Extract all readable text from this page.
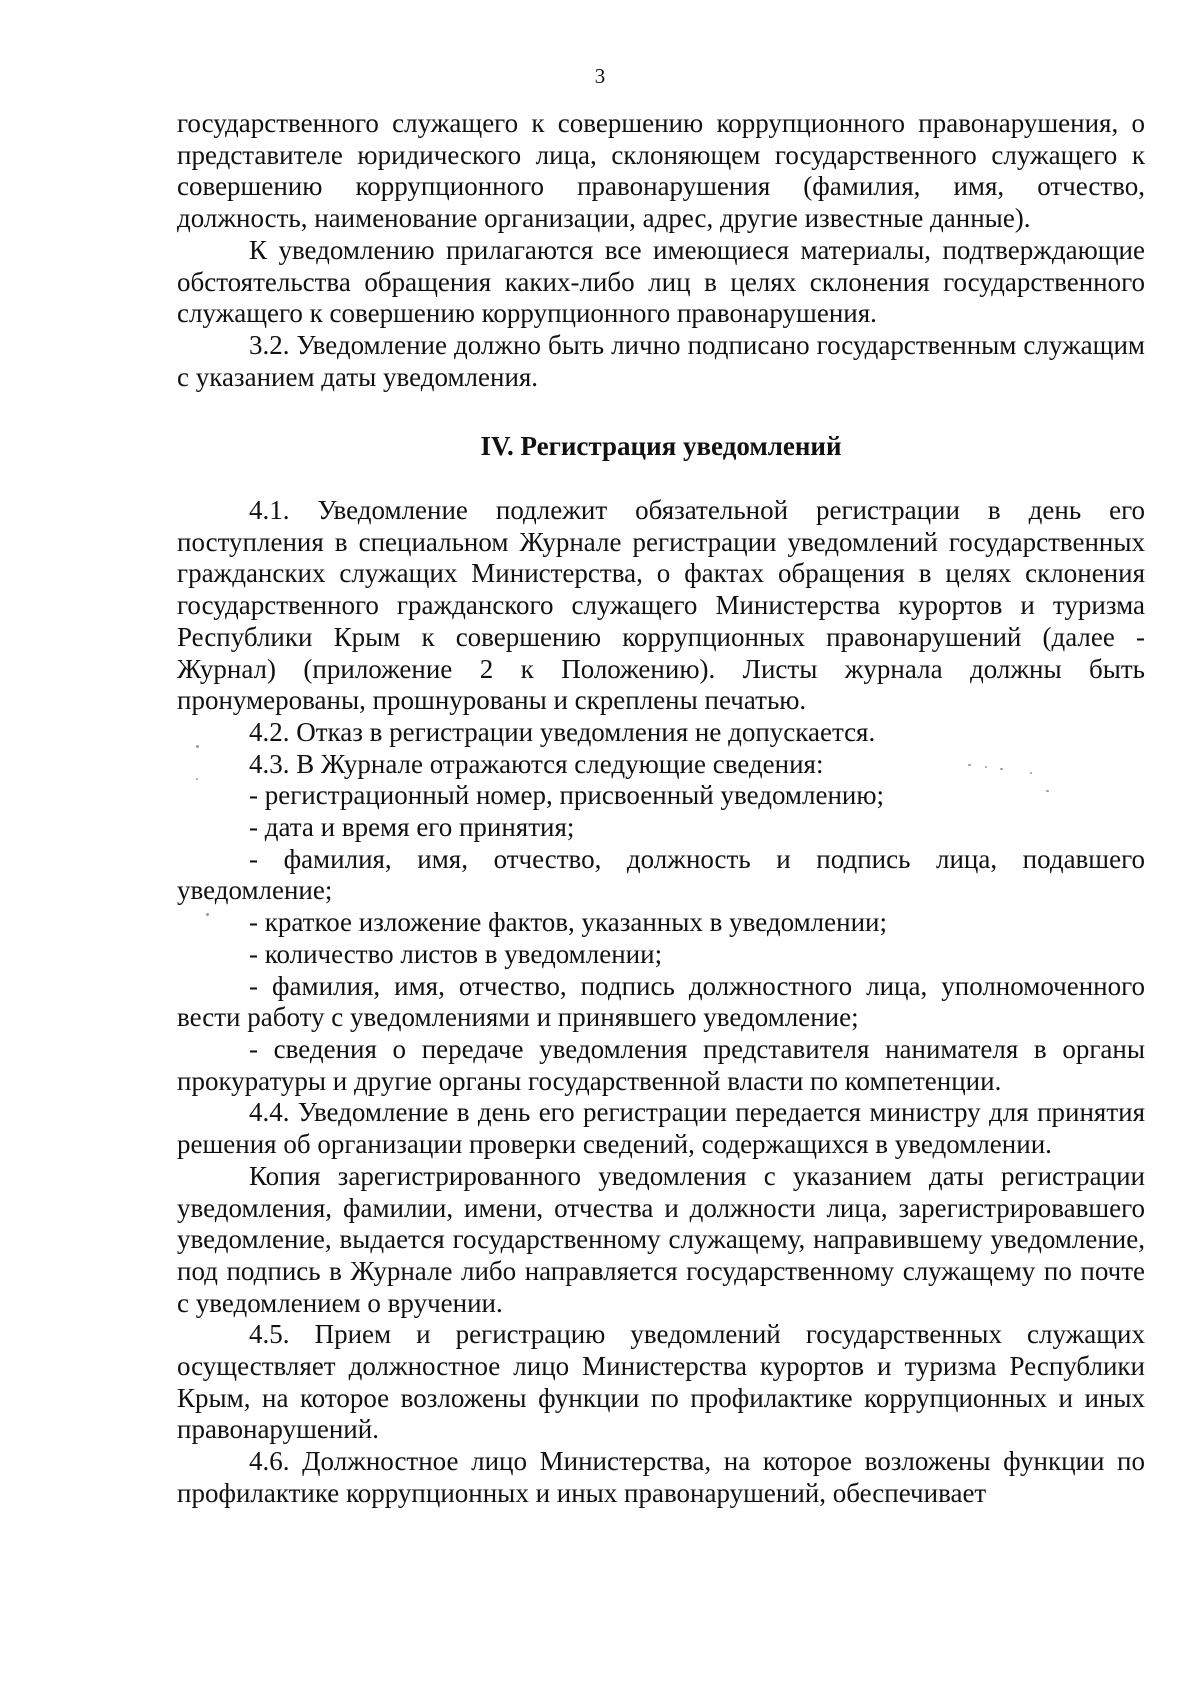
3

государственного служащего к совершению коррупционного правонарушения, о представителе юридического лица, склоняющем государственного служащего к совершению коррупционного правонарушения (фамилия, имя, отчество, должность, наименование организации, адрес, другие известные данные).

К уведомлению прилагаются все имеющиеся материалы, подтверждающие обстоятельства обращения каких-либо лиц в целях склонения государственного служащего к совершению коррупционного правонарушения.

3.2. Уведомление должно быть лично подписано государственным служащим с указанием даты уведомления.

IV. Регистрация уведомлений

4.1. Уведомление подлежит обязательной регистрации в день его поступления в специальном Журнале регистрации уведомлений государственных гражданских служащих Министерства, о фактах обращения в целях склонения государственного гражданского служащего Министерства курортов и туризма Республики Крым к совершению коррупционных правонарушений (далее - Журнал) (приложение 2 к Положению). Листы журнала должны быть пронумерованы, прошнурованы и скреплены печатью.

4.2. Отказ в регистрации уведомления не допускается.

4.3. В Журнале отражаются следующие сведения:

- регистрационный номер, присвоенный уведомлению;

- дата и время его принятия;

- фамилия, имя, отчество, должность и подпись лица, подавшего уведомление;

- краткое изложение фактов, указанных в уведомлении;

- количество листов в уведомлении;

- фамилия, имя, отчество, подпись должностного лица, уполномоченного вести работу с уведомлениями и принявшего уведомление;

- сведения о передаче уведомления представителя нанимателя в органы прокуратуры и другие органы государственной власти по компетенции.

4.4. Уведомление в день его регистрации передается министру для принятия решения об организации проверки сведений, содержащихся в уведомлении.

Копия зарегистрированного уведомления с указанием даты регистрации уведомления, фамилии, имени, отчества и должности лица, зарегистрировавшего уведомление, выдается государственному служащему, направившему уведомление, под подпись в Журнале либо направляется государственному служащему по почте с уведомлением о вручении.

4.5. Прием и регистрацию уведомлений государственных служащих осуществляет должностное лицо Министерства курортов и туризма Республики Крым, на которое возложены функции по профилактике коррупционных и иных правонарушений.

4.6. Должностное лицо Министерства, на которое возложены функции по профилактике коррупционных и иных правонарушений, обеспечивает
